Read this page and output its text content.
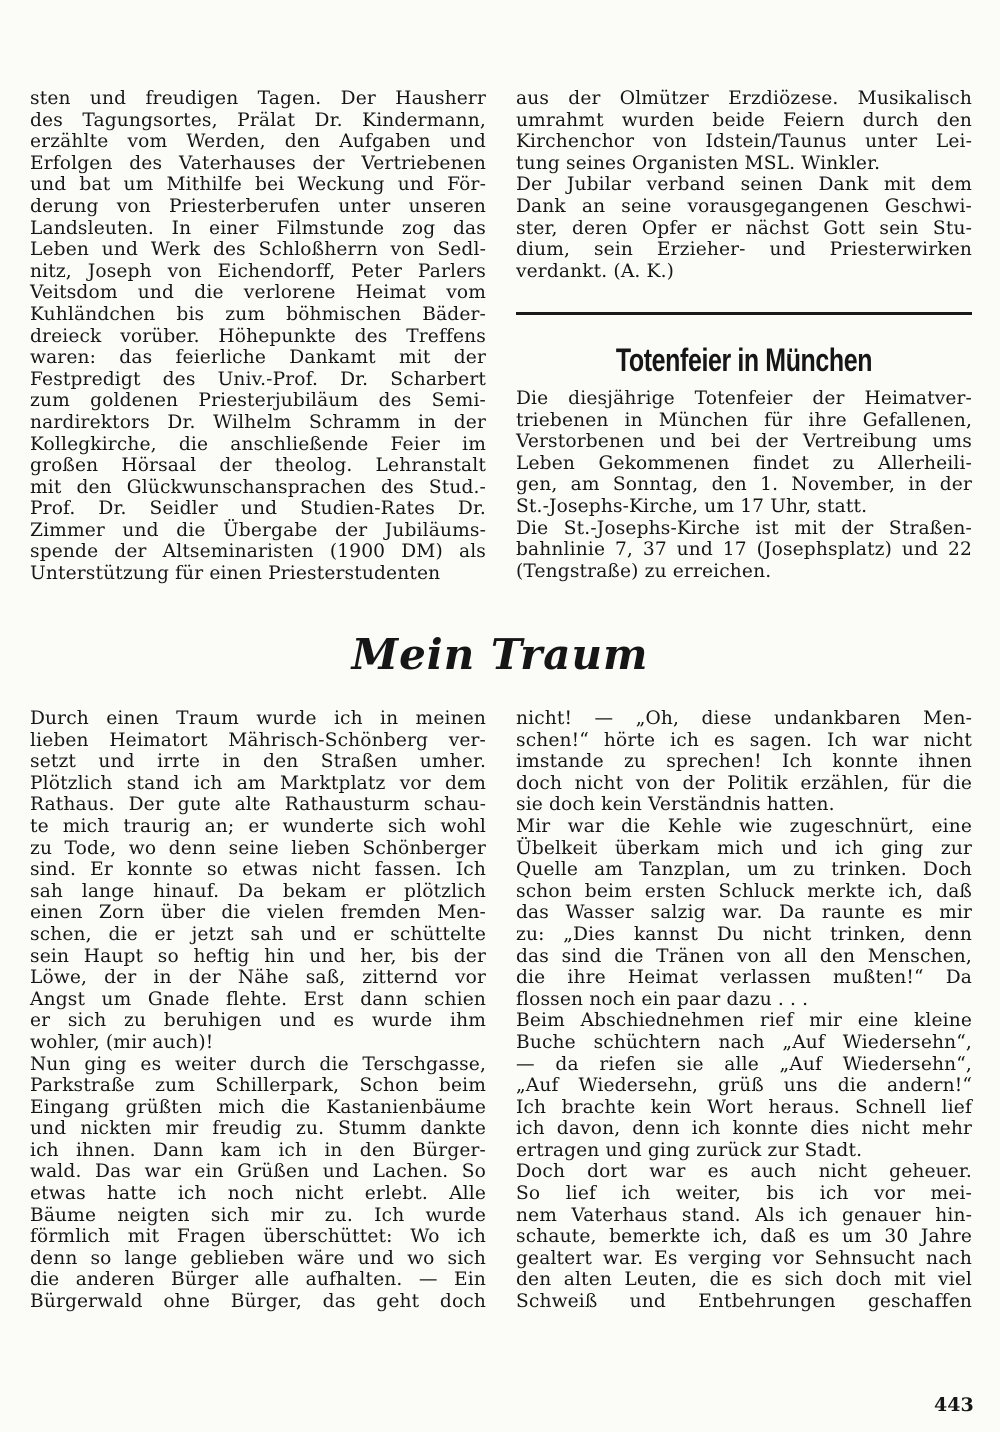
sten und freudigen Tagen. Der Hausherr
des Tagungsortes, Prälat Dr. Kindermann,
erzählte vom Werden, den Aufgaben und
Erfolgen des Vaterhauses der Vertriebenen
und bat um Mithilfe bei Weckung und För-
derung von Priesterberufen unter unseren
Landsleuten. In einer Filmstunde zog das
Leben und Werk des Schloßherrn von Sedl-
nitz, Joseph von Eichendorff, Peter Parlers
Veitsdom und die verlorene Heimat vom
Kuhländchen bis zum böhmischen Bäder-
dreieck vorüber. Höhepunkte des Treffens
waren: das feierliche Dankamt mit der
Festpredigt des Univ.-Prof. Dr. Scharbert
zum goldenen Priesterjubiläum des Semi-
nardirektors Dr. Wilhelm Schramm in der
Kollegkirche, die anschließende Feier im
großen Hörsaal der theolog. Lehranstalt
mit den Glückwunschansprachen des Stud.-
Prof. Dr. Seidler und Studien-Rates Dr.
Zimmer und die Übergabe der Jubiläums-
spende der Altseminaristen (1900 DM) als
Unterstützung für einen Priesterstudenten
aus der Olmützer Erzdiözese. Musikalisch
umrahmt wurden beide Feiern durch den
Kirchenchor von Idstein/Taunus unter Lei-
tung seines Organisten MSL. Winkler.
Der Jubilar verband seinen Dank mit dem
Dank an seine vorausgegangenen Geschwi-
ster, deren Opfer er nächst Gott sein Stu-
dium, sein Erzieher- und Priesterwirken
verdankt. (A. K.)
Totenfeier in München
Die diesjährige Totenfeier der Heimatver-
triebenen in München für ihre Gefallenen,
Verstorbenen und bei der Vertreibung ums
Leben Gekommenen findet zu Allerheili-
gen, am Sonntag, den 1. November, in der
St.-Josephs-Kirche, um 17 Uhr, statt.
Die St.-Josephs-Kirche ist mit der Straßen-
bahnlinie 7, 37 und 17 (Josephsplatz) und 22
(Tengstraße) zu erreichen.
Mein Traum
Durch einen Traum wurde ich in meinen
lieben Heimatort Mährisch-Schönberg ver-
setzt und irrte in den Straßen umher.
Plötzlich stand ich am Marktplatz vor dem
Rathaus. Der gute alte Rathausturm schau-
te mich traurig an; er wunderte sich wohl
zu Tode, wo denn seine lieben Schönberger
sind. Er konnte so etwas nicht fassen. Ich
sah lange hinauf. Da bekam er plötzlich
einen Zorn über die vielen fremden Men-
schen, die er jetzt sah und er schüttelte
sein Haupt so heftig hin und her, bis der
Löwe, der in der Nähe saß, zitternd vor
Angst um Gnade flehte. Erst dann schien
er sich zu beruhigen und es wurde ihm
wohler, (mir auch)!
Nun ging es weiter durch die Terschgasse,
Parkstraße zum Schillerpark, Schon beim
Eingang grüßten mich die Kastanienbäume
und nickten mir freudig zu. Stumm dankte
ich ihnen. Dann kam ich in den Bürger-
wald. Das war ein Grüßen und Lachen. So
etwas hatte ich noch nicht erlebt. Alle
Bäume neigten sich mir zu. Ich wurde
förmlich mit Fragen überschüttet: Wo ich
denn so lange geblieben wäre und wo sich
die anderen Bürger alle aufhalten. — Ein
Bürgerwald ohne Bürger, das geht doch
nicht! — „Oh, diese undankbaren Men-
schen!“ hörte ich es sagen. Ich war nicht
imstande zu sprechen! Ich konnte ihnen
doch nicht von der Politik erzählen, für die
sie doch kein Verständnis hatten.
Mir war die Kehle wie zugeschnürt, eine
Übelkeit überkam mich und ich ging zur
Quelle am Tanzplan, um zu trinken. Doch
schon beim ersten Schluck merkte ich, daß
das Wasser salzig war. Da raunte es mir
zu: „Dies kannst Du nicht trinken, denn
das sind die Tränen von all den Menschen,
die ihre Heimat verlassen mußten!“ Da
flossen noch ein paar dazu . . .
Beim Abschiednehmen rief mir eine kleine
Buche schüchtern nach „Auf Wiedersehn“,
— da riefen sie alle „Auf Wiedersehn“,
„Auf Wiedersehn, grüß uns die andern!“
Ich brachte kein Wort heraus. Schnell lief
ich davon, denn ich konnte dies nicht mehr
ertragen und ging zurück zur Stadt.
Doch dort war es auch nicht geheuer.
So lief ich weiter, bis ich vor mei-
nem Vaterhaus stand. Als ich genauer hin-
schaute, bemerkte ich, daß es um 30 Jahre
gealtert war. Es verging vor Sehnsucht nach
den alten Leuten, die es sich doch mit viel
Schweiß und Entbehrungen geschaffen
443
